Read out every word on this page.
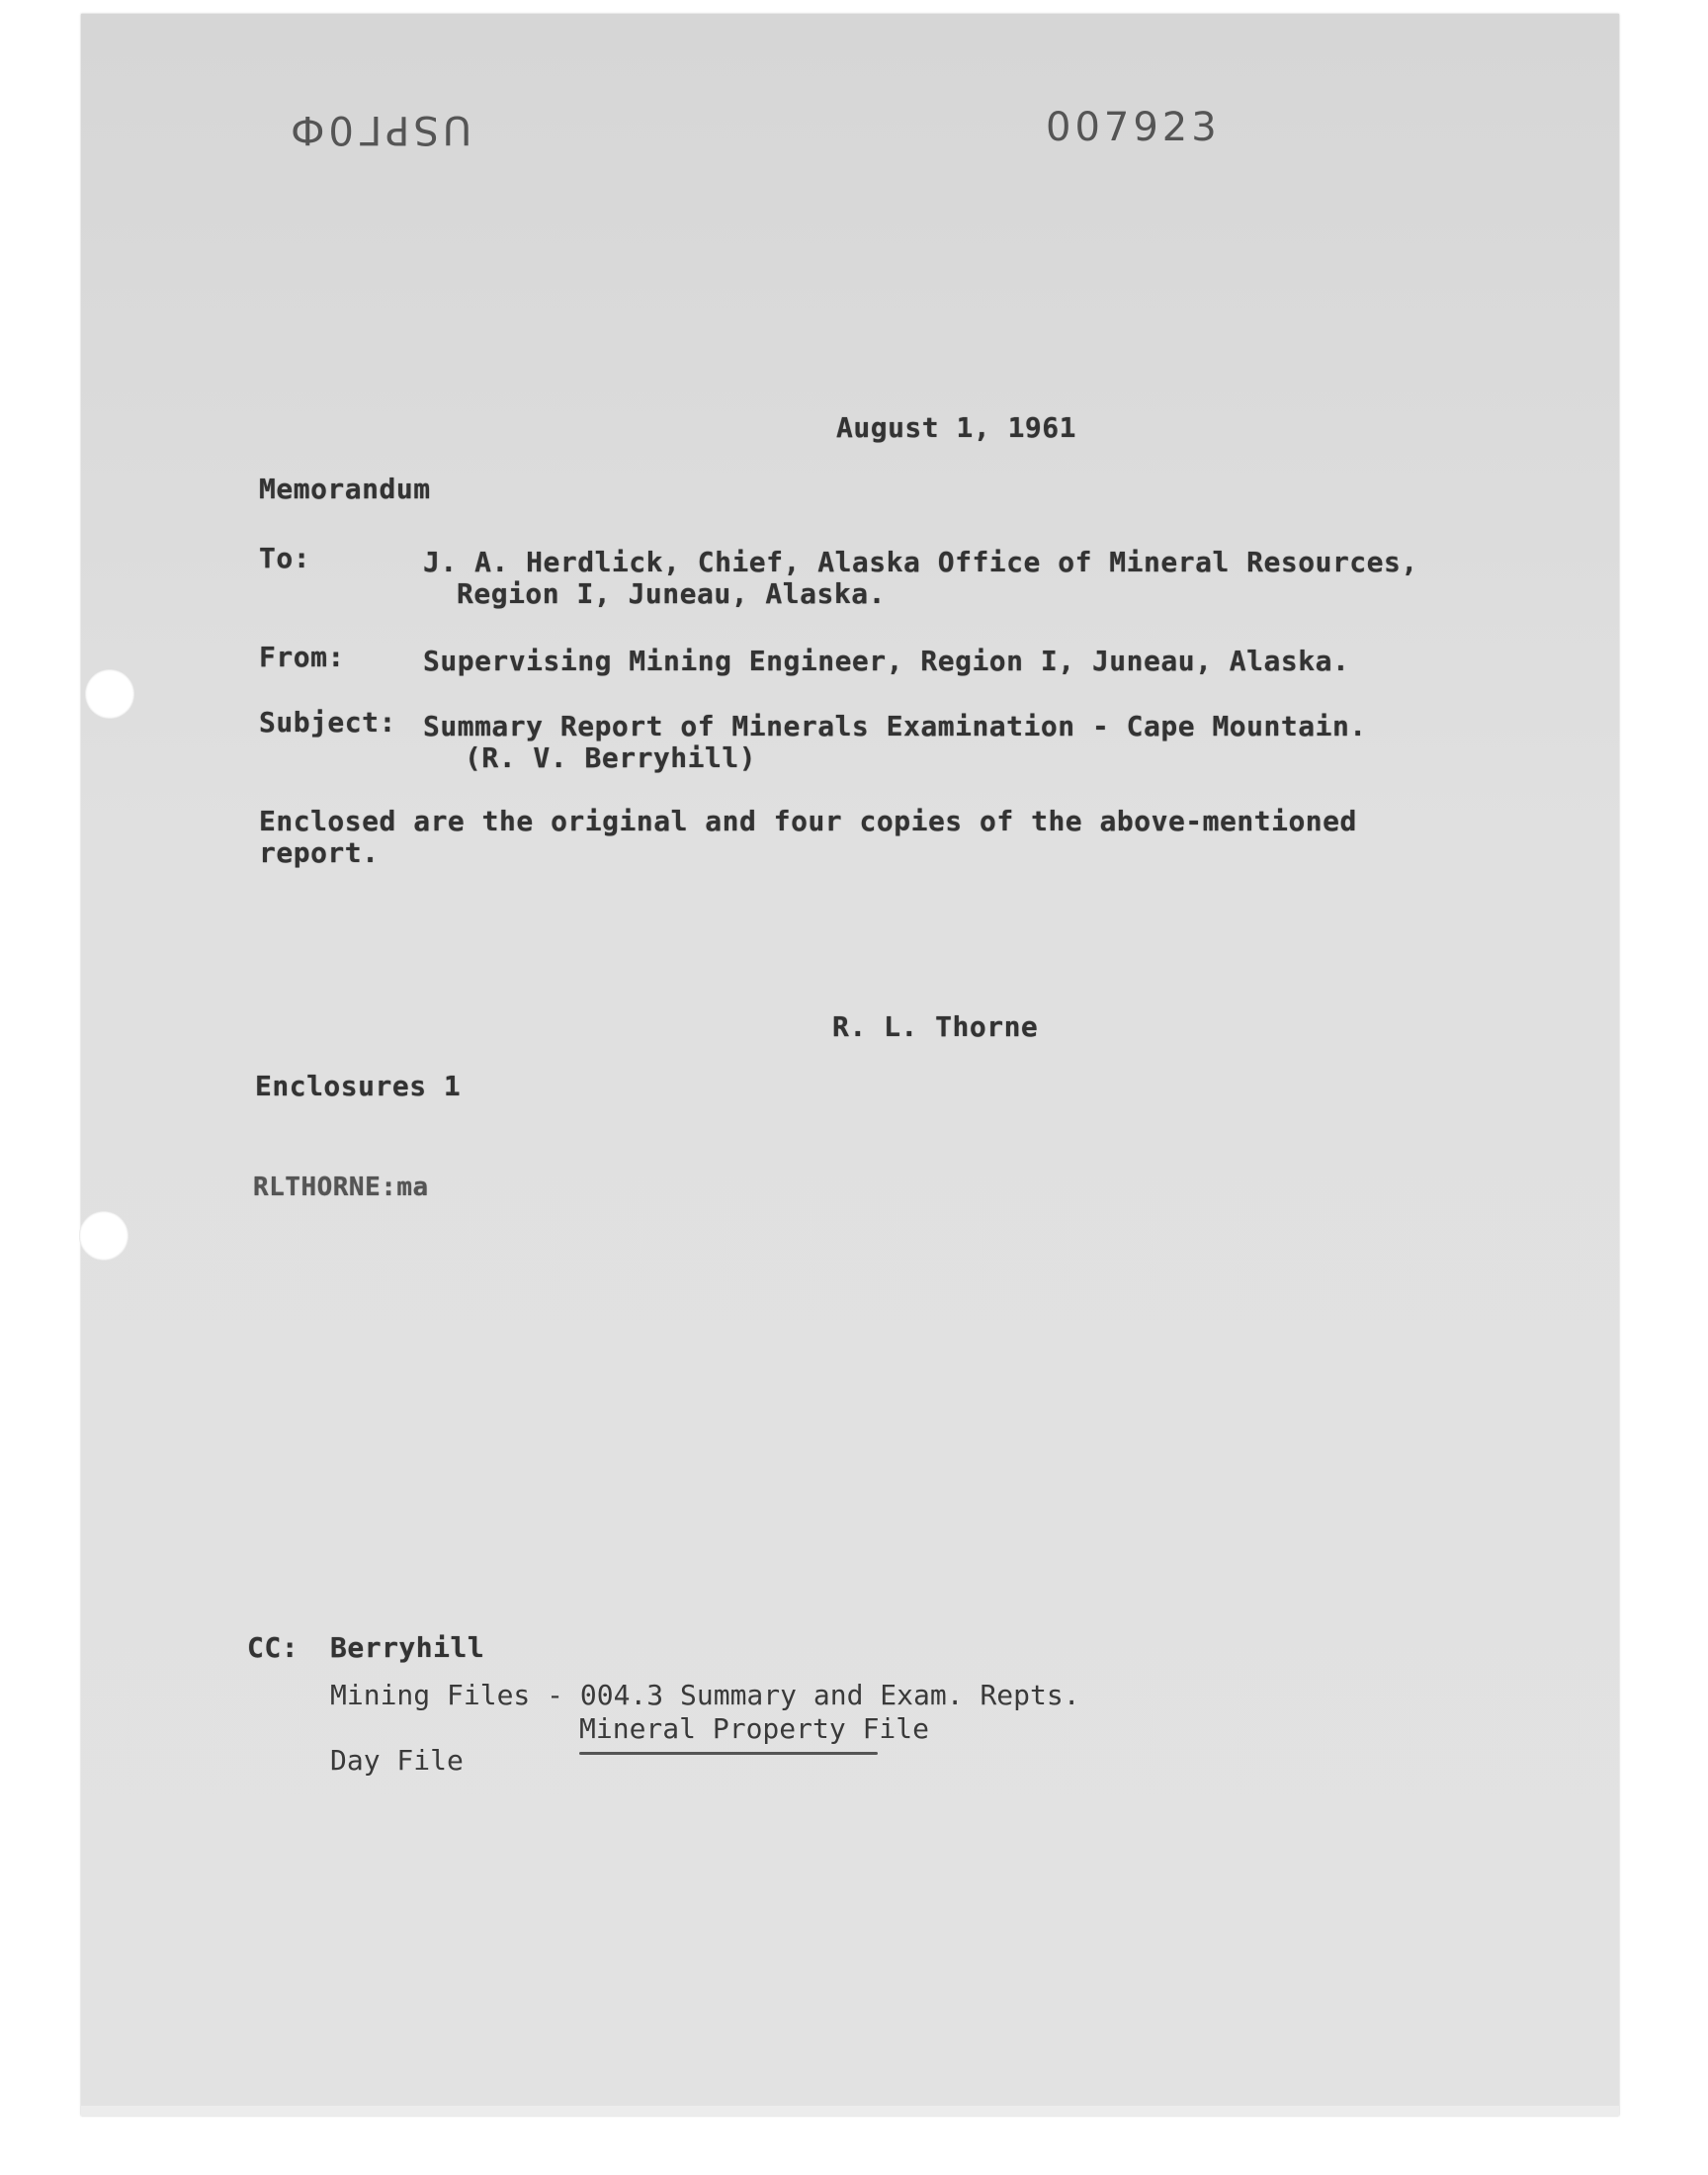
USPГ0Ф	007923
August 1, 1961
Memorandum
To:	J. A. Herdlick, Chief, Alaska Office of Mineral Resources,
Region I, Juneau, Alaska.
From:	Supervising Mining Engineer, Region I, Juneau, Alaska.
Subject: Summary Report of Minerals Examination - Cape Mountain.
(R. V. Berryhill)
Enclosed are the original and four copies of the above-mentioned
report.
R. L. Thorne
Enclosures 1
RLTHORNE:ma
CC: Berryhill
Mining Files - 004.3 Summary and Exam. Repts.
Mineral Property File
Day File
